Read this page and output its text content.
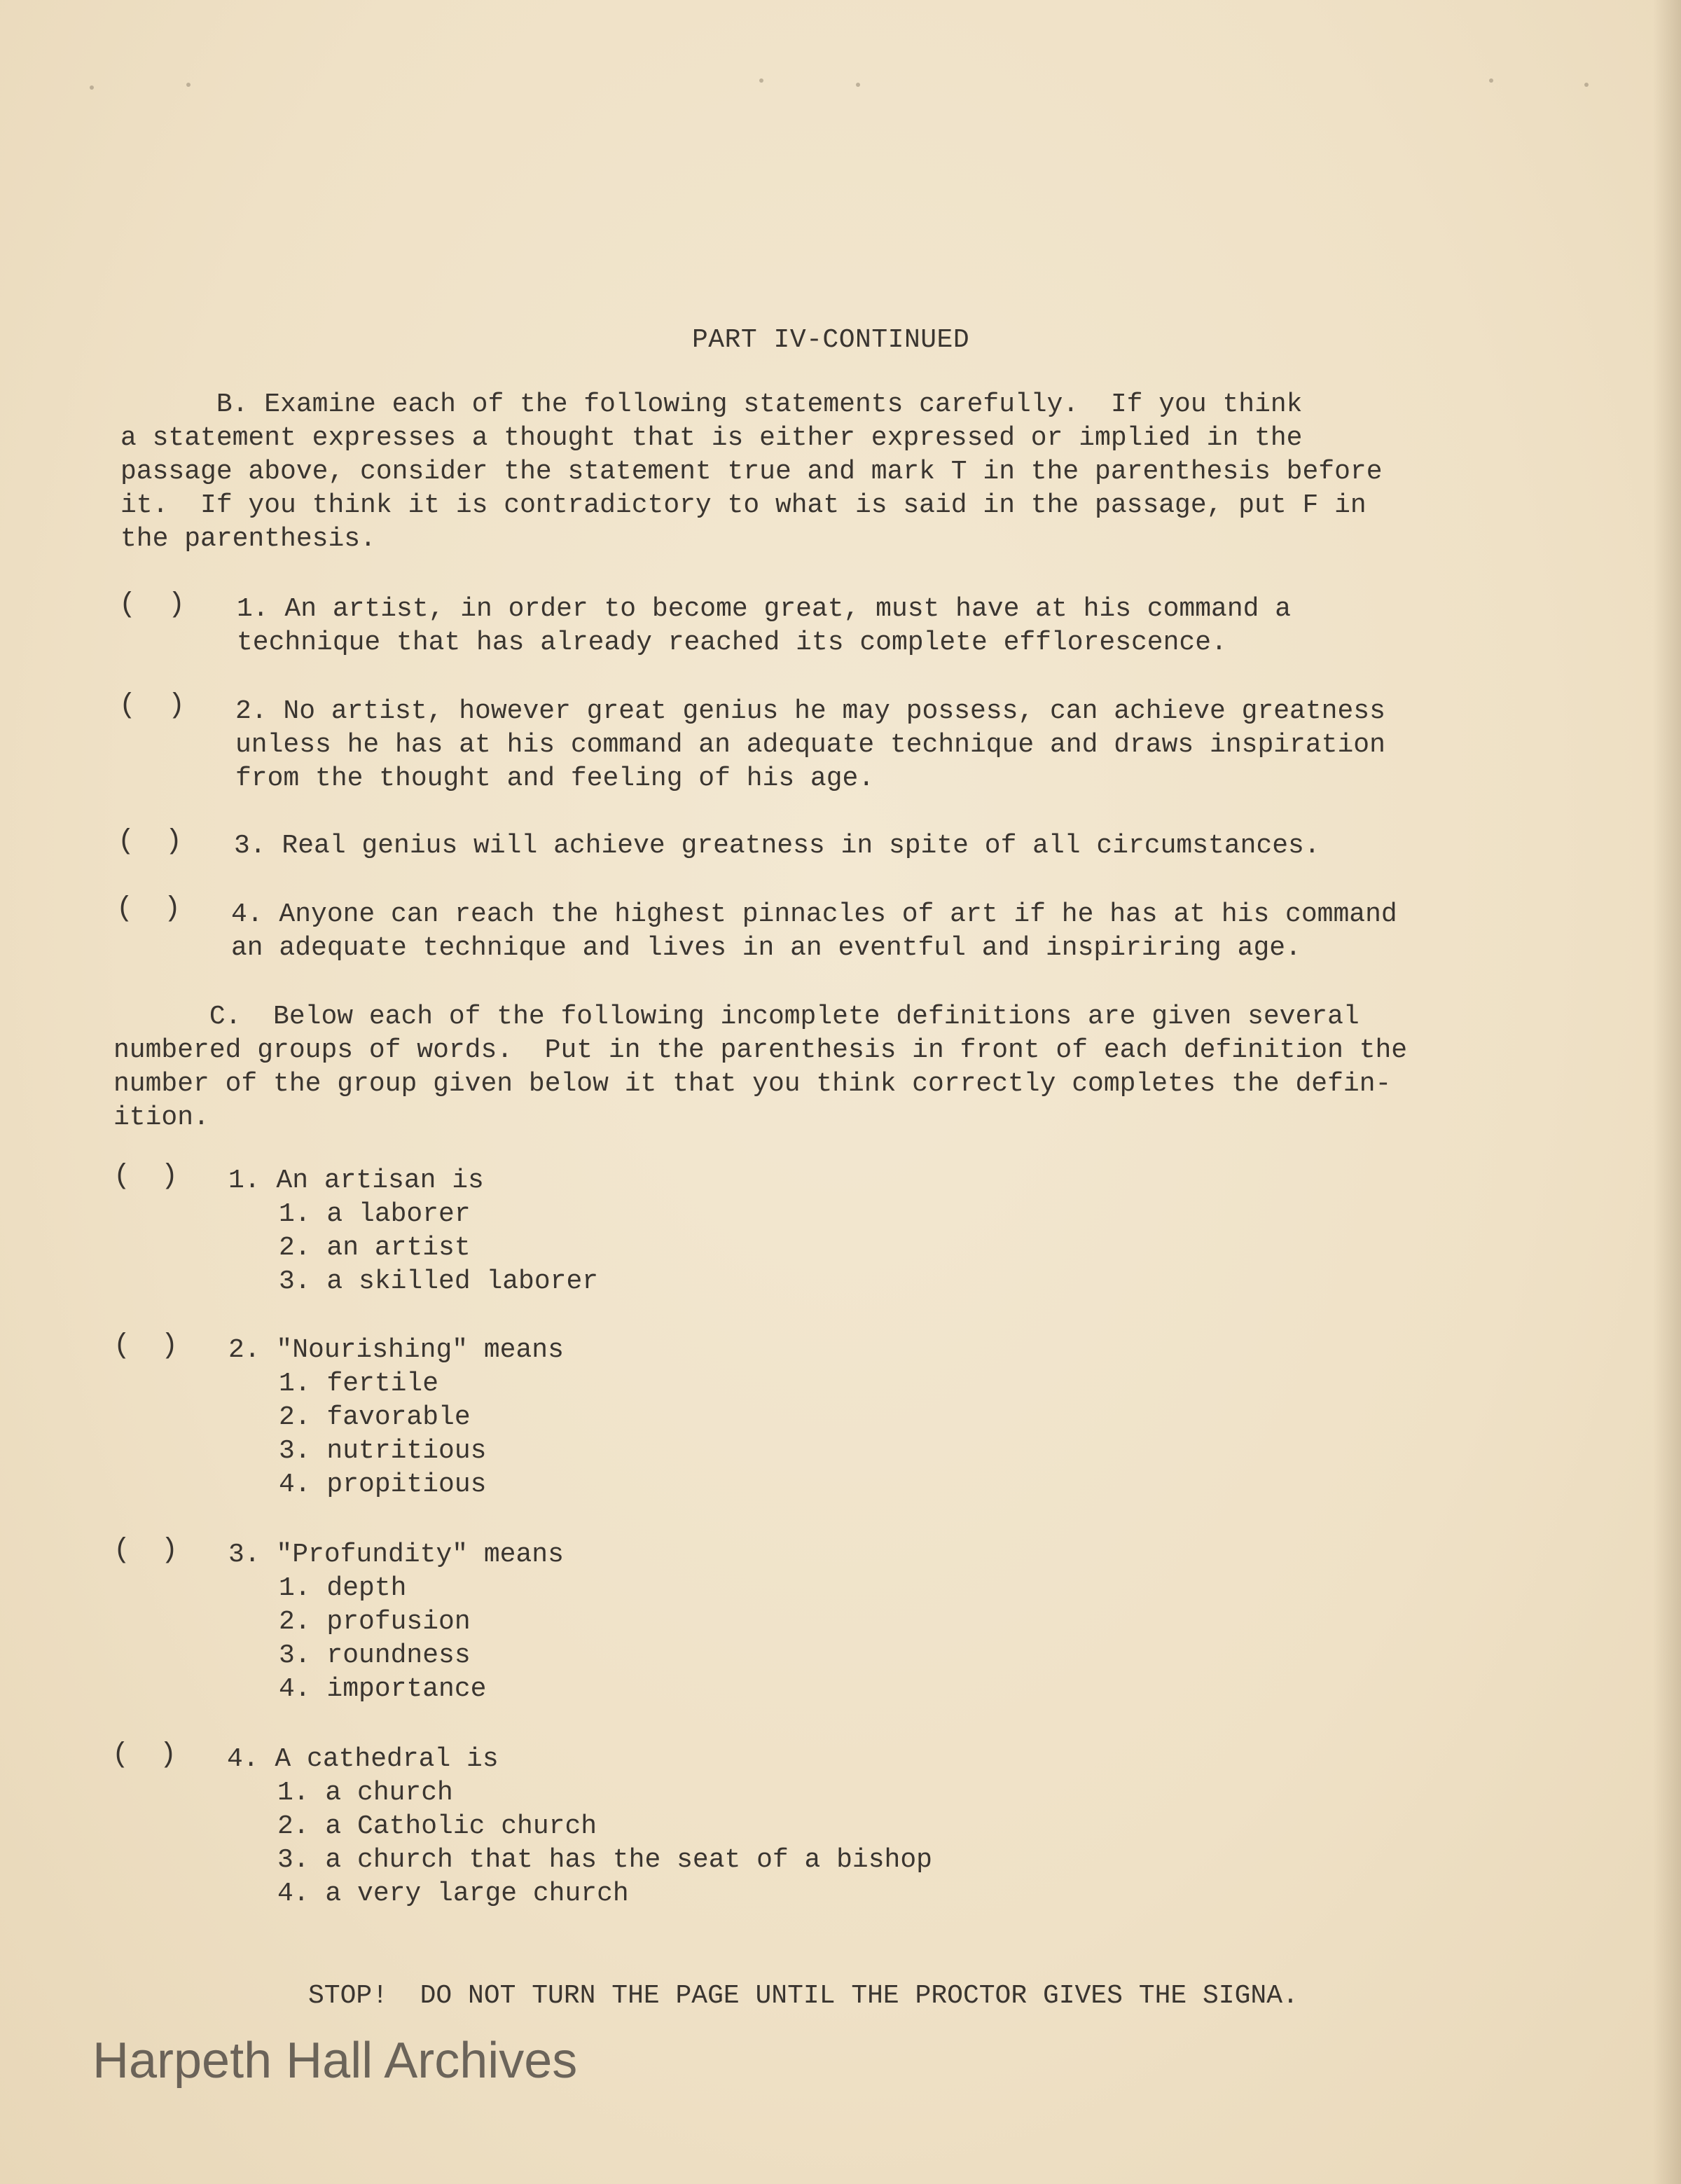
PART IV-CONTINUED
B. Examine each of the following statements carefully.  If you think
a statement expresses a thought that is either expressed or implied in the
passage above, consider the statement true and mark T in the parenthesis before
it.  If you think it is contradictory to what is said in the passage, put F in
the parenthesis.
( ) 1. An artist, in order to become great, must have at his command a
technique that has already reached its complete efflorescence.
( ) 2. No artist, however great genius he may possess, can achieve greatness
unless he has at his command an adequate technique and draws inspiration
from the thought and feeling of his age.
( ) 3. Real genius will achieve greatness in spite of all circumstances.
( ) 4. Anyone can reach the highest pinnacles of art if he has at his command
an adequate technique and lives in an eventful and inspiriring age.
C.  Below each of the following incomplete definitions are given several
numbered groups of words.  Put in the parenthesis in front of each definition the
number of the group given below it that you think correctly completes the defin-
ition.
( ) 1. An artisan is
1. a laborer
2. an artist
3. a skilled laborer
( ) 2. "Nourishing" means
1. fertile
2. favorable
3. nutritious
4. propitious
( ) 3. "Profundity" means
1. depth
2. profusion
3. roundness
4. importance
( ) 4. A cathedral is
1. a church
2. a Catholic church
3. a church that has the seat of a bishop
4. a very large church
STOP!  DO NOT TURN THE PAGE UNTIL THE PROCTOR GIVES THE SIGNA.
Harpeth Hall Archives
